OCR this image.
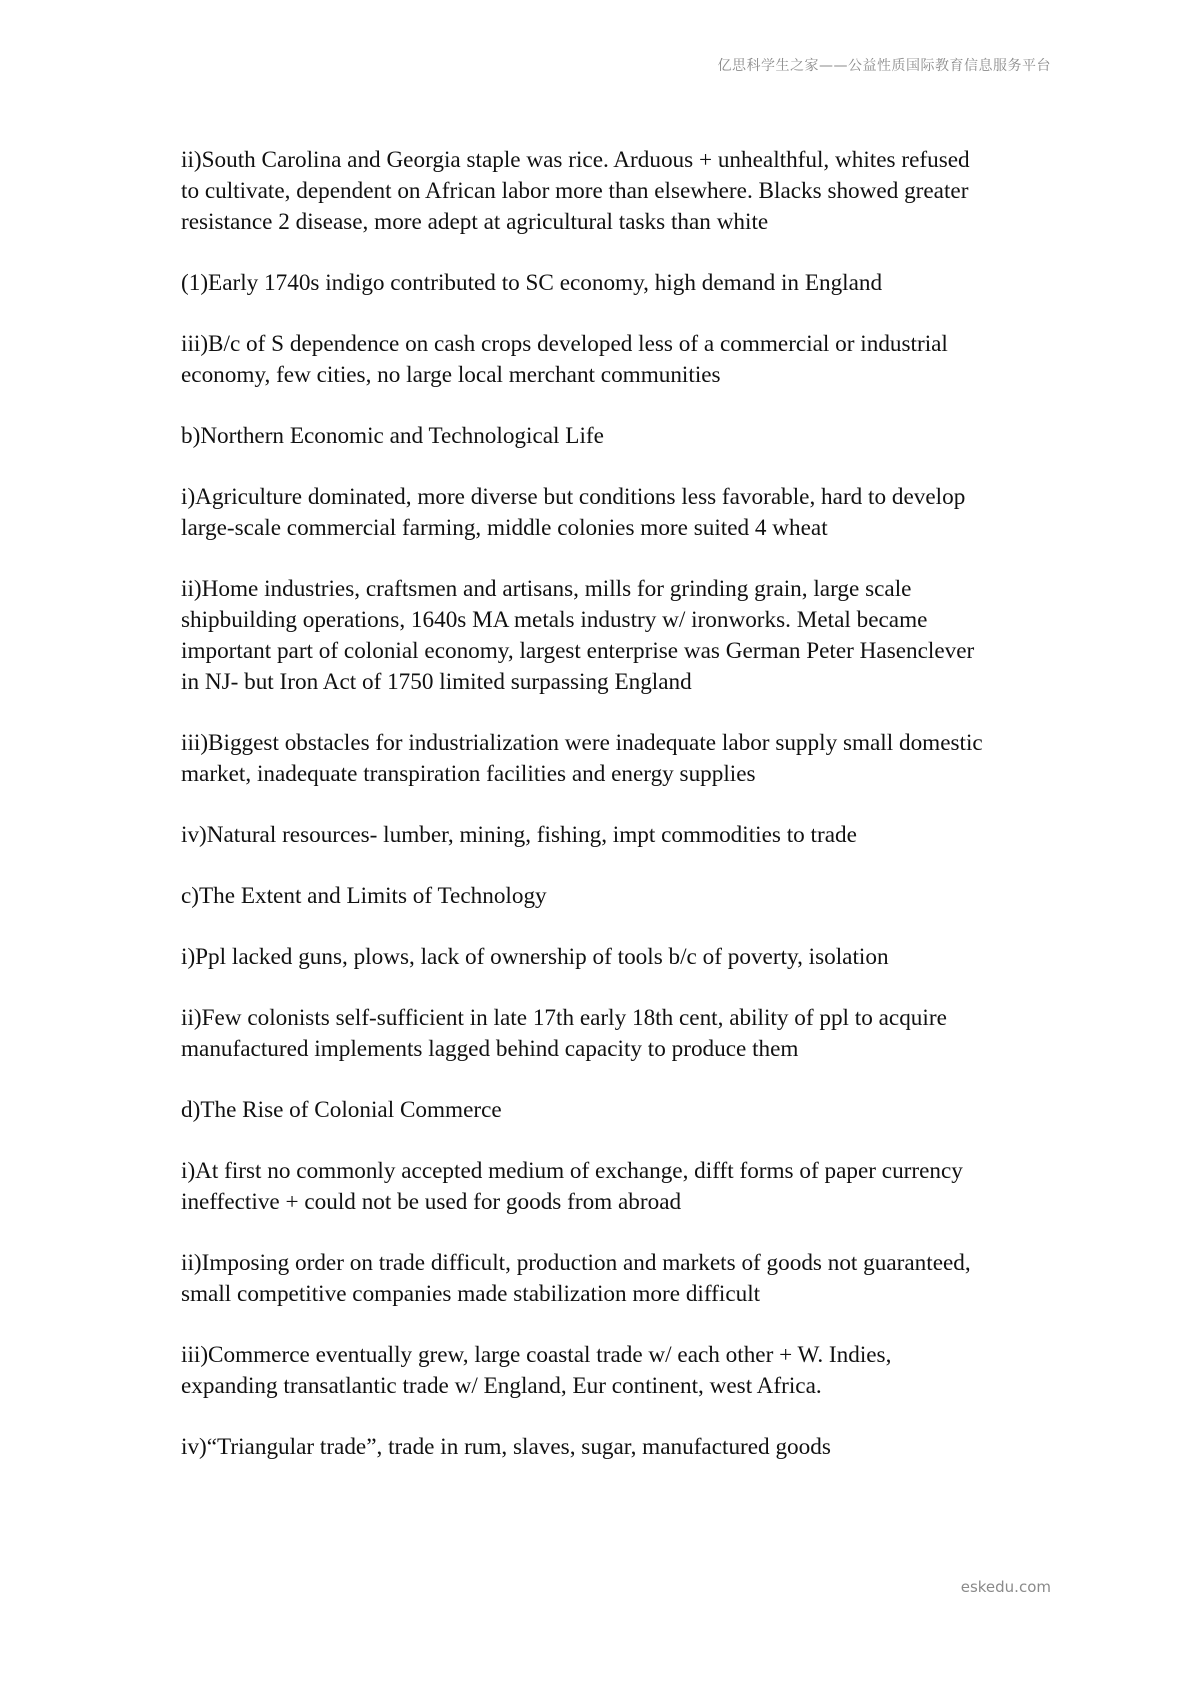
亿思科学生之家——公益性质国际教育信息服务平台

ii)South Carolina and Georgia staple was rice. Arduous + unhealthful, whites refused
to cultivate, dependent on African labor more than elsewhere. Blacks showed greater
resistance 2 disease, more adept at agricultural tasks than white

(1)Early 1740s indigo contributed to SC economy, high demand in England

iii)B/c of S dependence on cash crops developed less of a commercial or industrial
economy, few cities, no large local merchant communities

b)Northern Economic and Technological Life

i)Agriculture dominated, more diverse but conditions less favorable, hard to develop
large-scale commercial farming, middle colonies more suited 4 wheat

ii)Home industries, craftsmen and artisans, mills for grinding grain, large scale
shipbuilding operations, 1640s MA metals industry w/ ironworks. Metal became
important part of colonial economy, largest enterprise was German Peter Hasenclever
in NJ- but Iron Act of 1750 limited surpassing England

iii)Biggest obstacles for industrialization were inadequate labor supply small domestic
market, inadequate transpiration facilities and energy supplies

iv)Natural resources- lumber, mining, fishing, impt commodities to trade

c)The Extent and Limits of Technology

i)Ppl lacked guns, plows, lack of ownership of tools b/c of poverty, isolation

ii)Few colonists self-sufficient in late 17th early 18th cent, ability of ppl to acquire
manufactured implements lagged behind capacity to produce them

d)The Rise of Colonial Commerce

i)At first no commonly accepted medium of exchange, difft forms of paper currency
ineffective + could not be used for goods from abroad

ii)Imposing order on trade difficult, production and markets of goods not guaranteed,
small competitive companies made stabilization more difficult

iii)Commerce eventually grew, large coastal trade w/ each other + W. Indies,
expanding transatlantic trade w/ England, Eur continent, west Africa.

iv)“Triangular trade”, trade in rum, slaves, sugar, manufactured goods

eskedu.com
